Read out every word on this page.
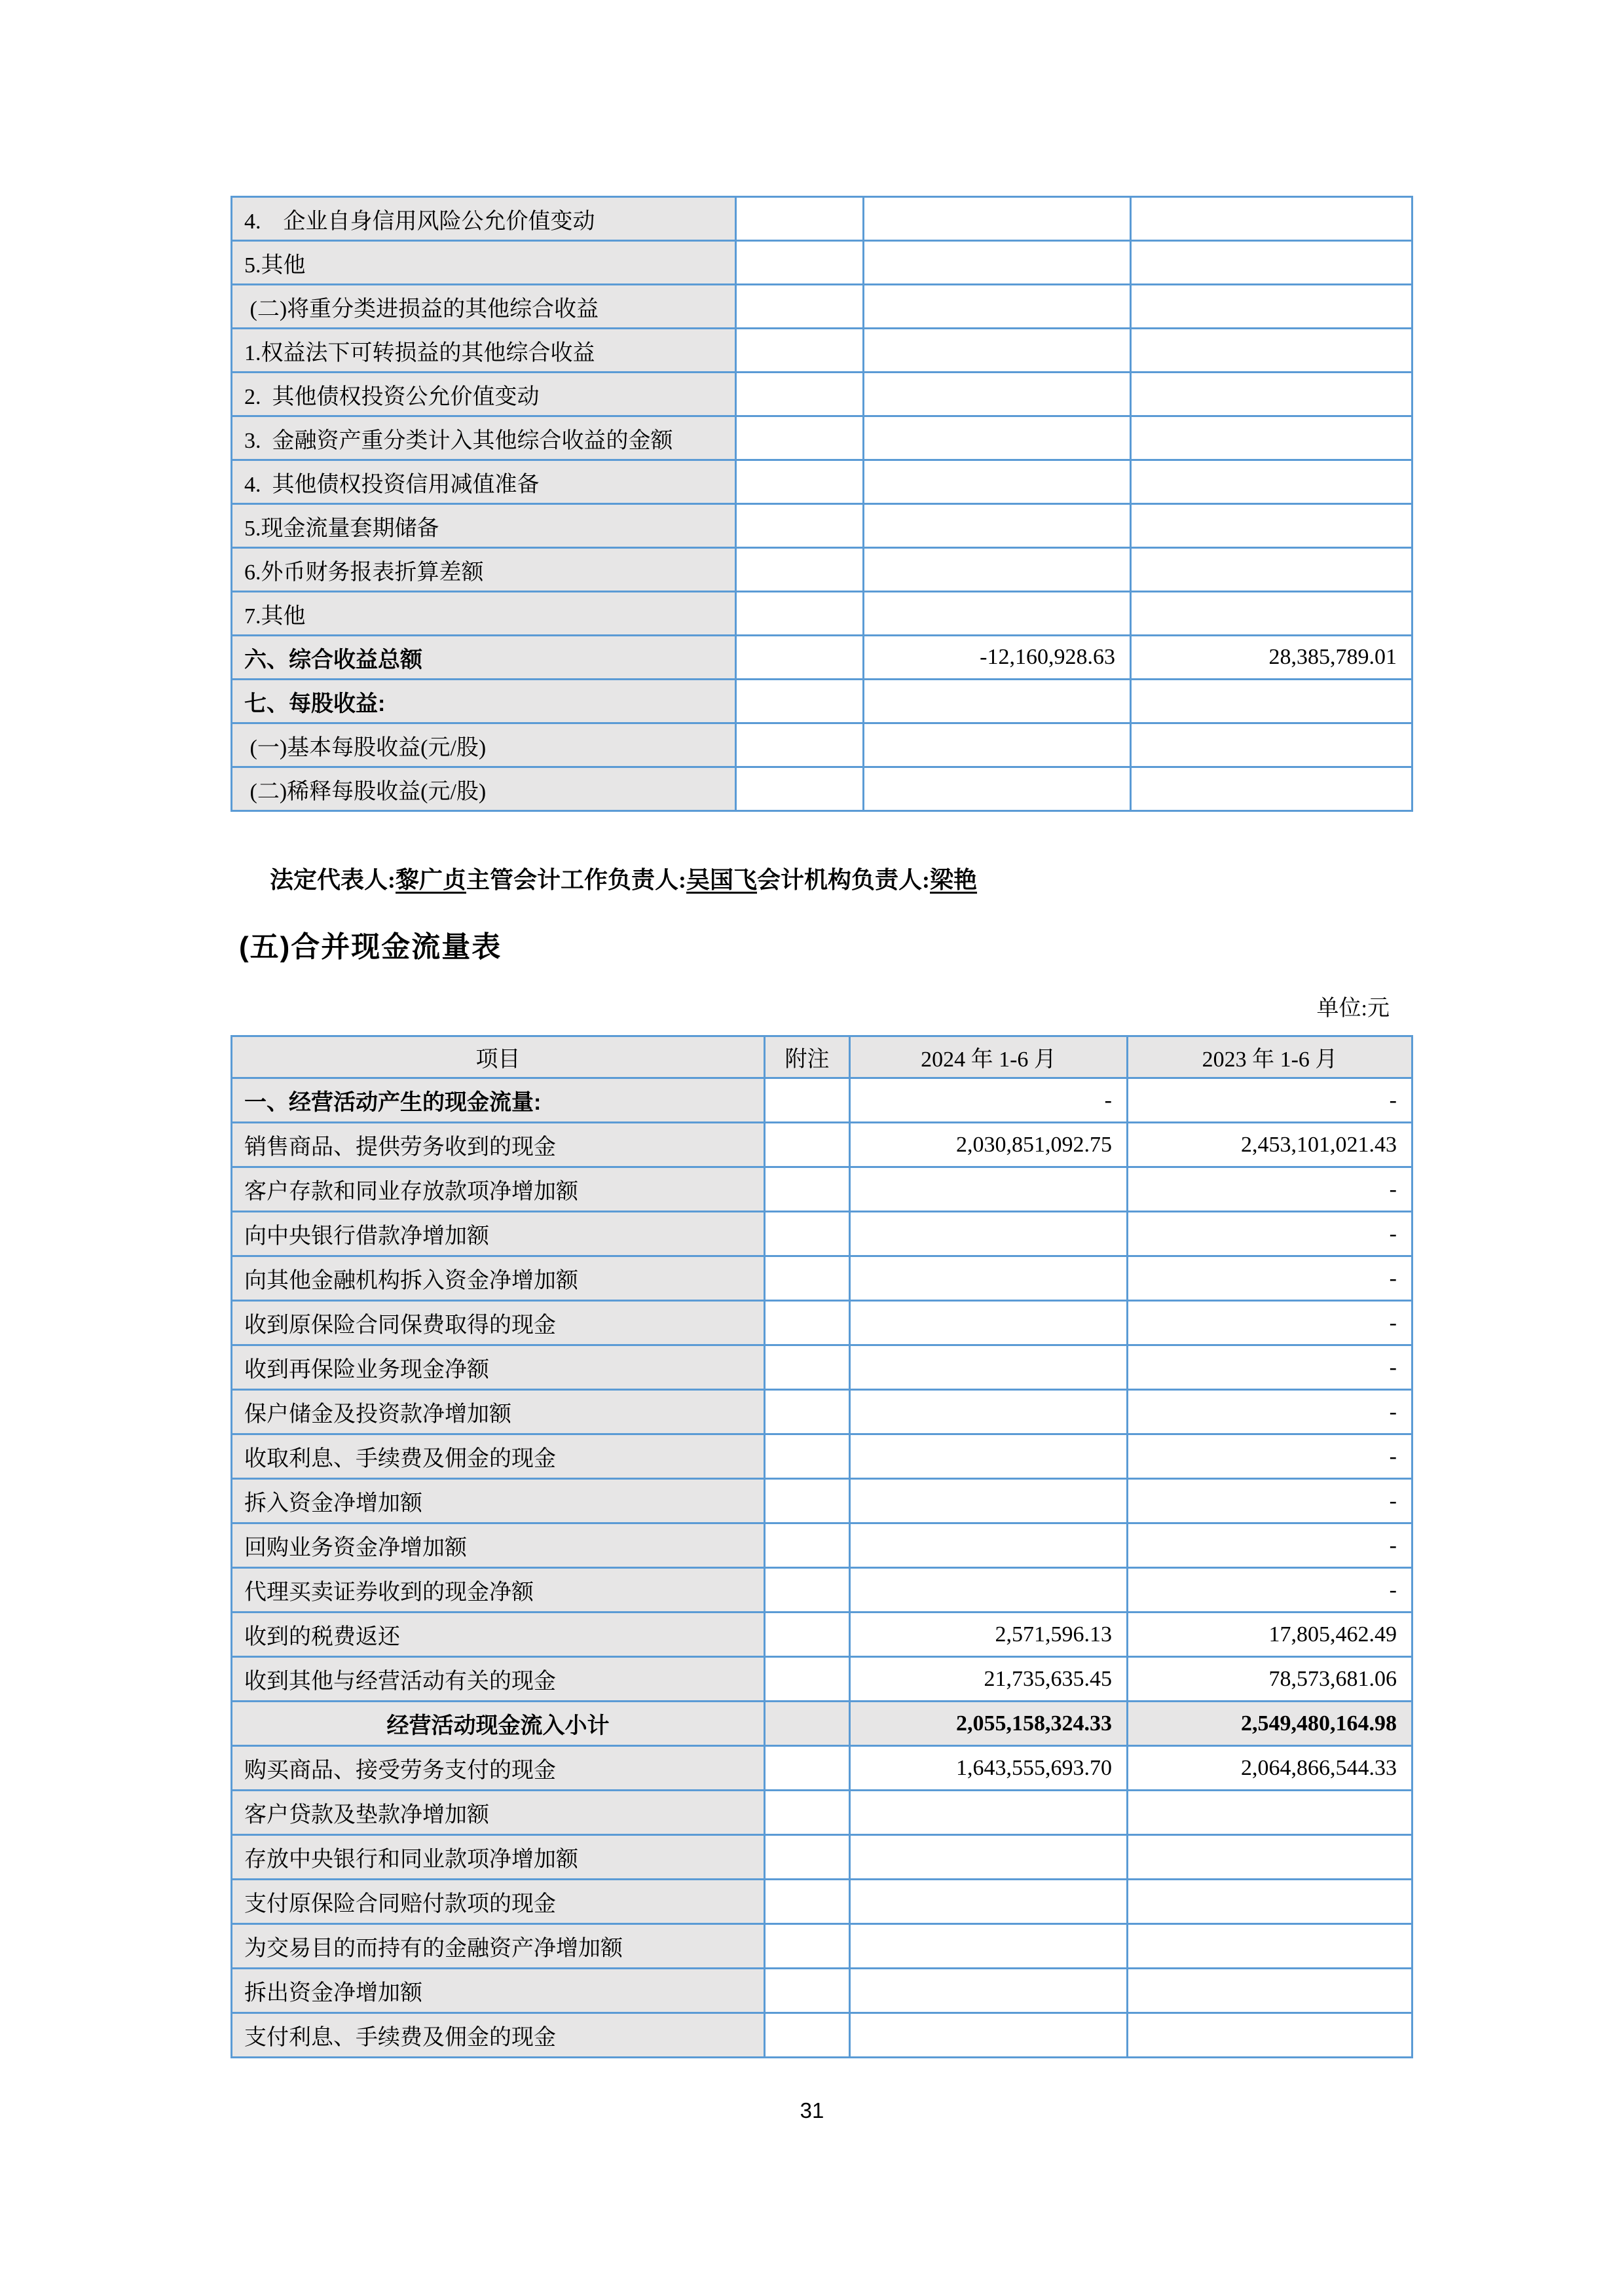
4.　企业自身信用风险公允价值变动			
5.其他			
(二)将重分类进损益的其他综合收益			
1.权益法下可转损益的其他综合收益			
2.  其他债权投资公允价值变动			
3.  金融资产重分类计入其他综合收益的金额			
4.  其他债权投资信用减值准备			
5.现金流量套期储备			
6.外币财务报表折算差额			
7.其他			
六、综合收益总额		-12,160,928.63	28,385,789.01
七、每股收益:			
(一)基本每股收益(元/股)			
(二)稀释每股收益(元/股)			
法定代表人:黎广贞主管会计工作负责人:吴国飞会计机构负责人:梁艳
(五)合并现金流量表
单位:元
项目	附注	2024 年 1-6 月	2023 年 1-6 月
一、经营活动产生的现金流量:		-	-
销售商品、提供劳务收到的现金		2,030,851,092.75	2,453,101,021.43
客户存款和同业存放款项净增加额			-
向中央银行借款净增加额			-
向其他金融机构拆入资金净增加额			-
收到原保险合同保费取得的现金			-
收到再保险业务现金净额			-
保户储金及投资款净增加额			-
收取利息、手续费及佣金的现金			-
拆入资金净增加额			-
回购业务资金净增加额			-
代理买卖证券收到的现金净额			-
收到的税费返还		2,571,596.13	17,805,462.49
收到其他与经营活动有关的现金		21,735,635.45	78,573,681.06
经营活动现金流入小计		2,055,158,324.33	2,549,480,164.98
购买商品、接受劳务支付的现金		1,643,555,693.70	2,064,866,544.33
客户贷款及垫款净增加额			
存放中央银行和同业款项净增加额			
支付原保险合同赔付款项的现金			
为交易目的而持有的金融资产净增加额			
拆出资金净增加额			
支付利息、手续费及佣金的现金			
31
